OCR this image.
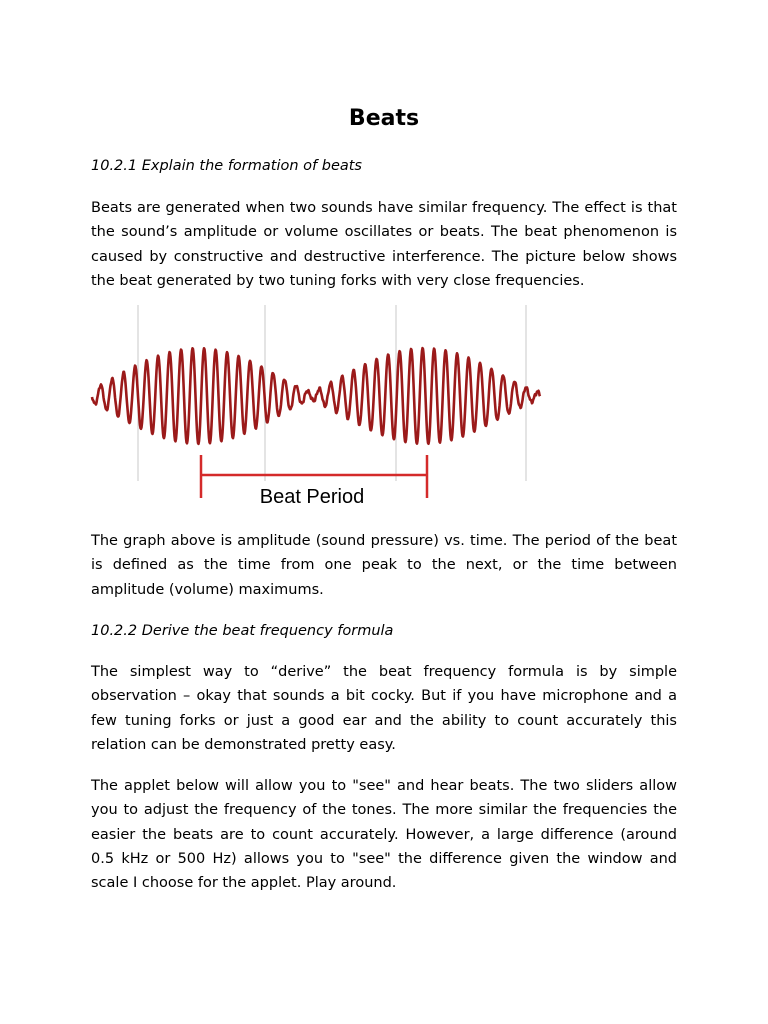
Beats
10.2.1 Explain the formation of beats
Beats are generated when two sounds have similar frequency. The effect is that the sound’s amplitude or volume oscillates or beats. The beat phenomenon is caused by constructive and destructive interference. The picture below shows the beat generated by two tuning forks with very close frequencies.
Beat Period
The graph above is amplitude (sound pressure) vs. time. The period of the beat is defined as the time from one peak to the next, or the time between amplitude (volume) maximums.
10.2.2 Derive the beat frequency formula
The simplest way to “derive” the beat frequency formula is by simple observation – okay that sounds a bit cocky. But if you have microphone and a few tuning forks or just a good ear and the ability to count accurately this relation can be demonstrated pretty easy.
The applet below will allow you to "see" and hear beats. The two sliders allow you to adjust the frequency of the tones. The more similar the frequencies the easier the beats are to count accurately. However, a large difference (around 0.5 kHz or 500 Hz) allows you to "see" the difference given the window and scale I choose for the applet. Play around.
